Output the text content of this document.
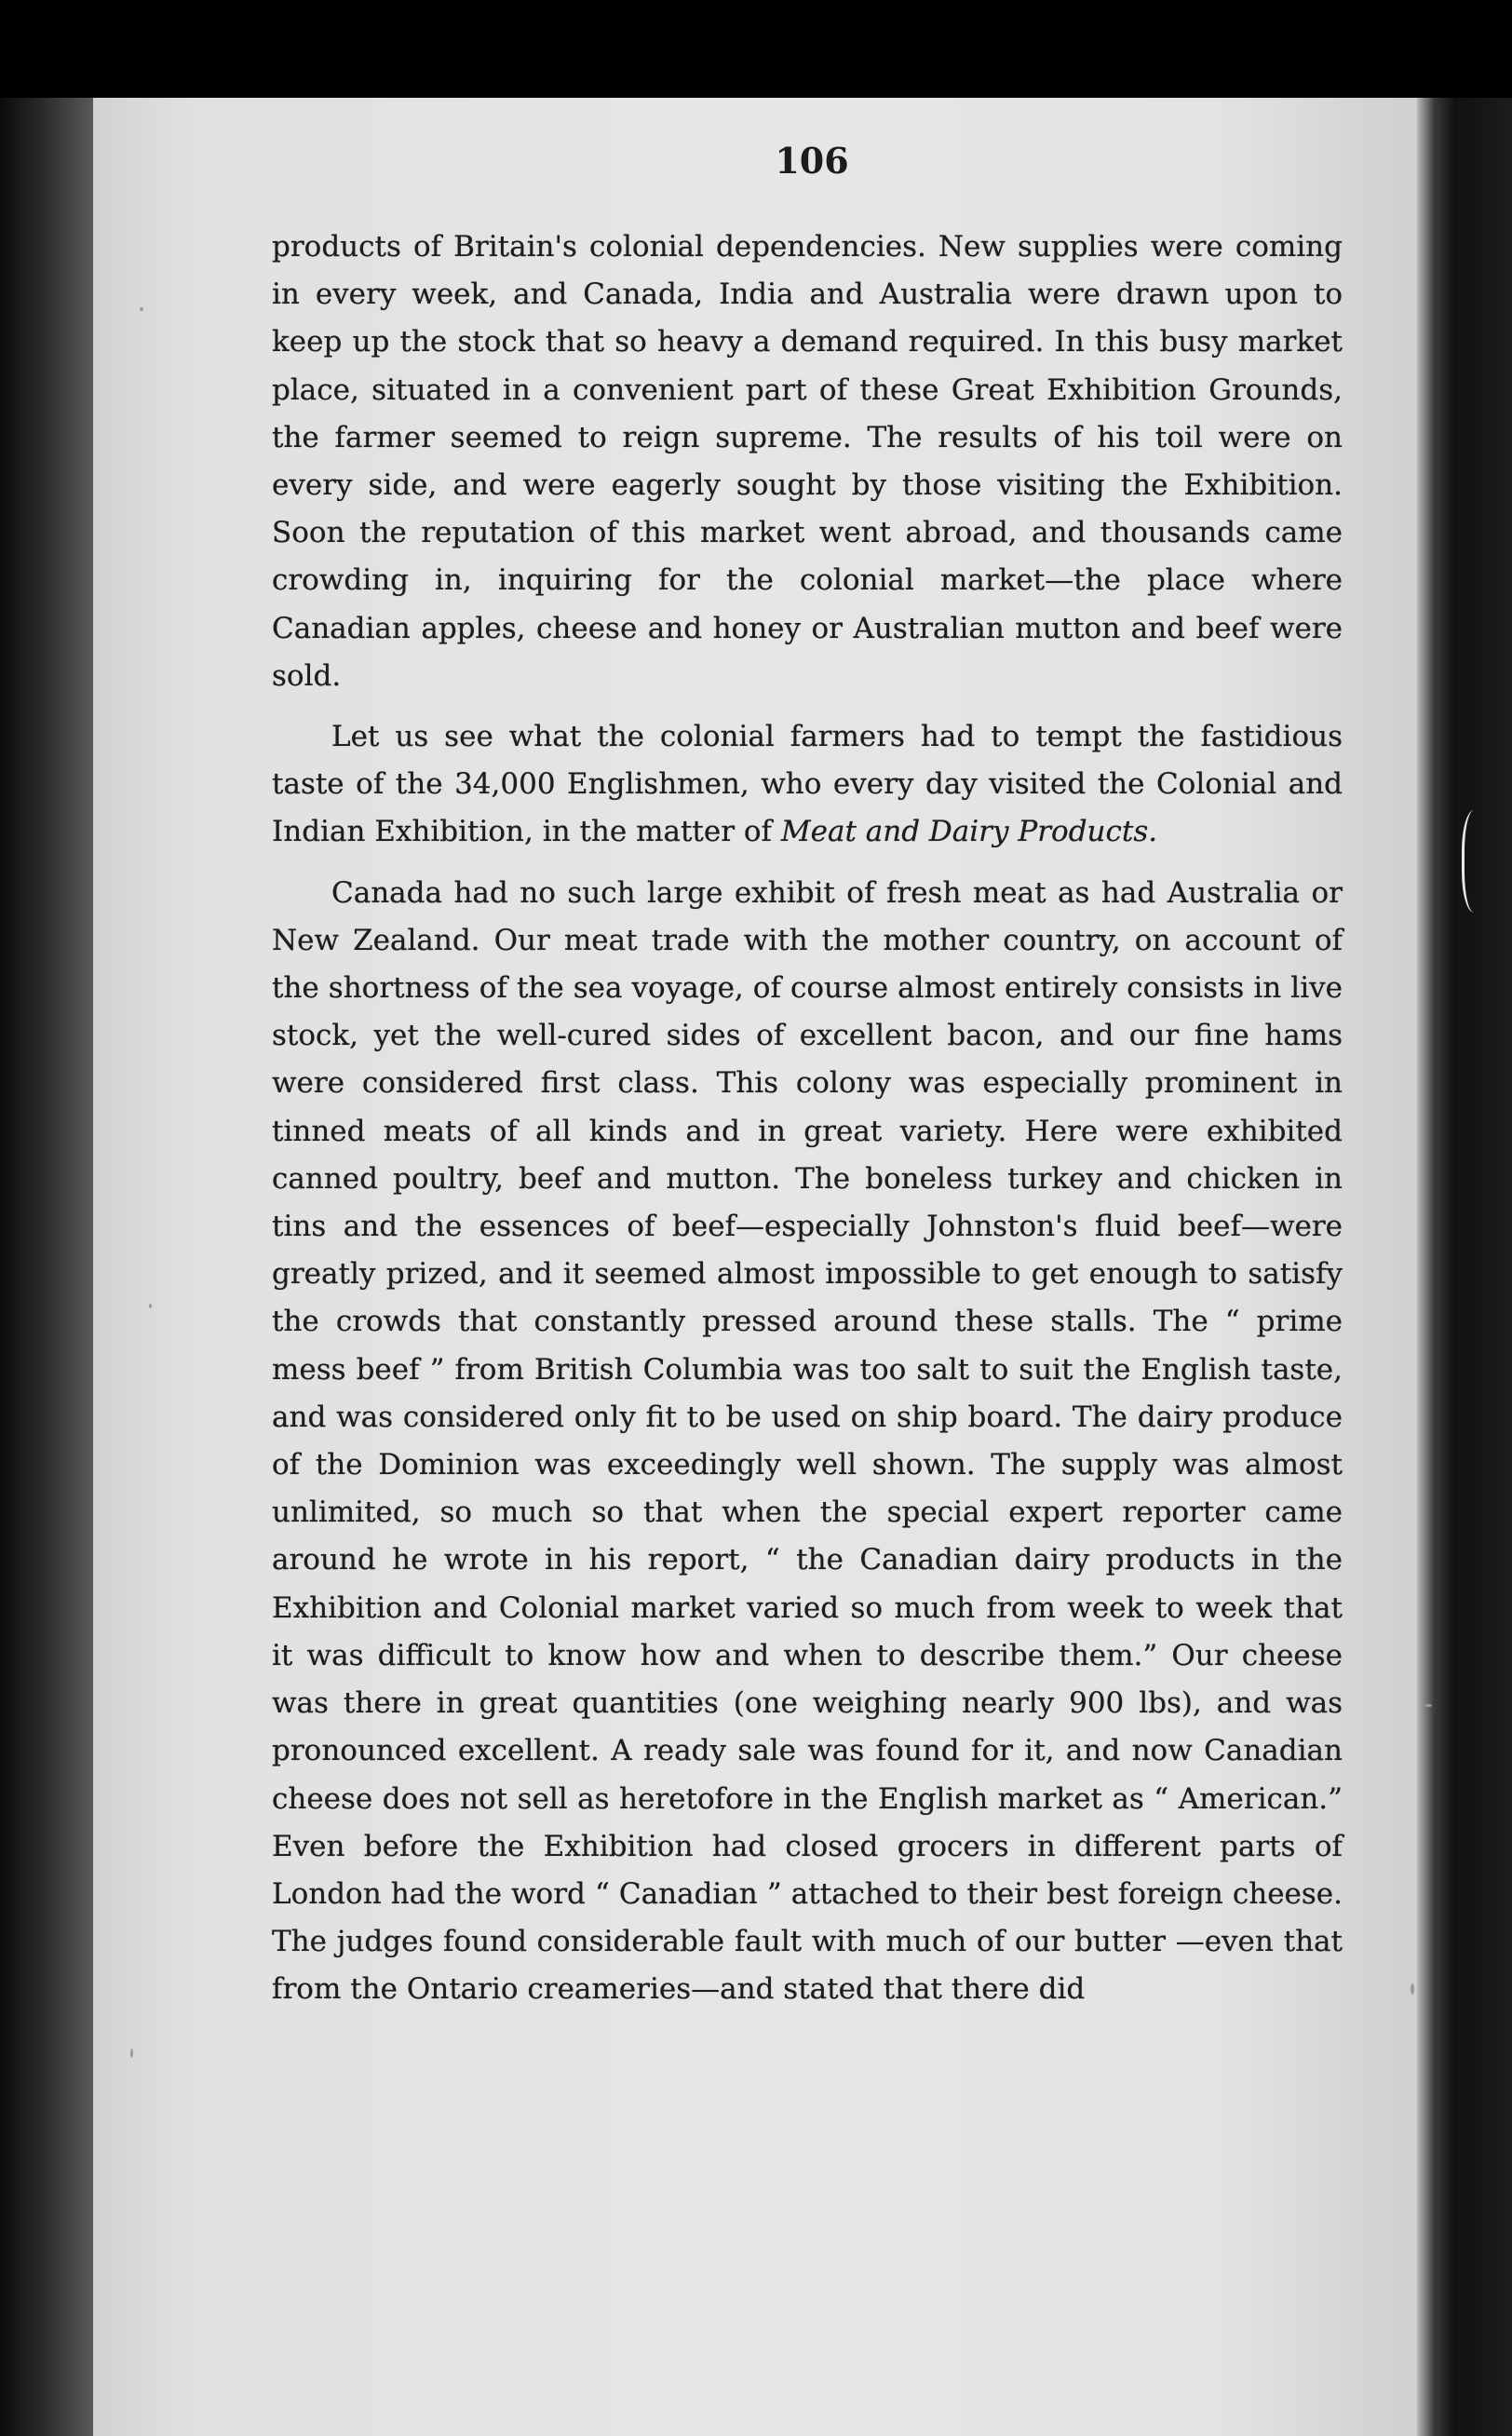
106

products of Britain's colonial dependencies. New supplies were coming in every week, and Canada, India and Australia were drawn upon to keep up the stock that so heavy a demand required. In this busy market place, situated in a convenient part of these Great Exhibition Grounds, the farmer seemed to reign supreme. The results of his toil were on every side, and were eagerly sought by those visiting the Exhibition. Soon the reputation of this market went abroad, and thousands came crowding in, inquiring for the colonial market—the place where Canadian apples, cheese and honey or Australian mutton and beef were sold.

Let us see what the colonial farmers had to tempt the fastidious taste of the 34,000 Englishmen, who every day visited the Colonial and Indian Exhibition, in the matter of Meat and Dairy Products.

Canada had no such large exhibit of fresh meat as had Australia or New Zealand. Our meat trade with the mother country, on account of the shortness of the sea voyage, of course almost entirely consists in live stock, yet the well-cured sides of excellent bacon, and our fine hams were considered first class. This colony was especially prominent in tinned meats of all kinds and in great variety. Here were exhibited canned poultry, beef and mutton. The boneless turkey and chicken in tins and the essences of beef—especially Johnston's fluid beef—were greatly prized, and it seemed almost impossible to get enough to satisfy the crowds that constantly pressed around these stalls. The “ prime mess beef ” from British Columbia was too salt to suit the English taste, and was considered only fit to be used on ship board. The dairy produce of the Dominion was exceedingly well shown. The supply was almost unlimited, so much so that when the special expert reporter came around he wrote in his report, “ the Canadian dairy products in the Exhibition and Colonial market varied so much from week to week that it was difficult to know how and when to describe them.” Our cheese was there in great quantities (one weighing nearly 900 lbs), and was pronounced excellent. A ready sale was found for it, and now Canadian cheese does not sell as heretofore in the English market as “ American.” Even before the Exhibition had closed grocers in different parts of London had the word “ Canadian ” attached to their best foreign cheese. The judges found considerable fault with much of our butter —even that from the Ontario creameries—and stated that there did
